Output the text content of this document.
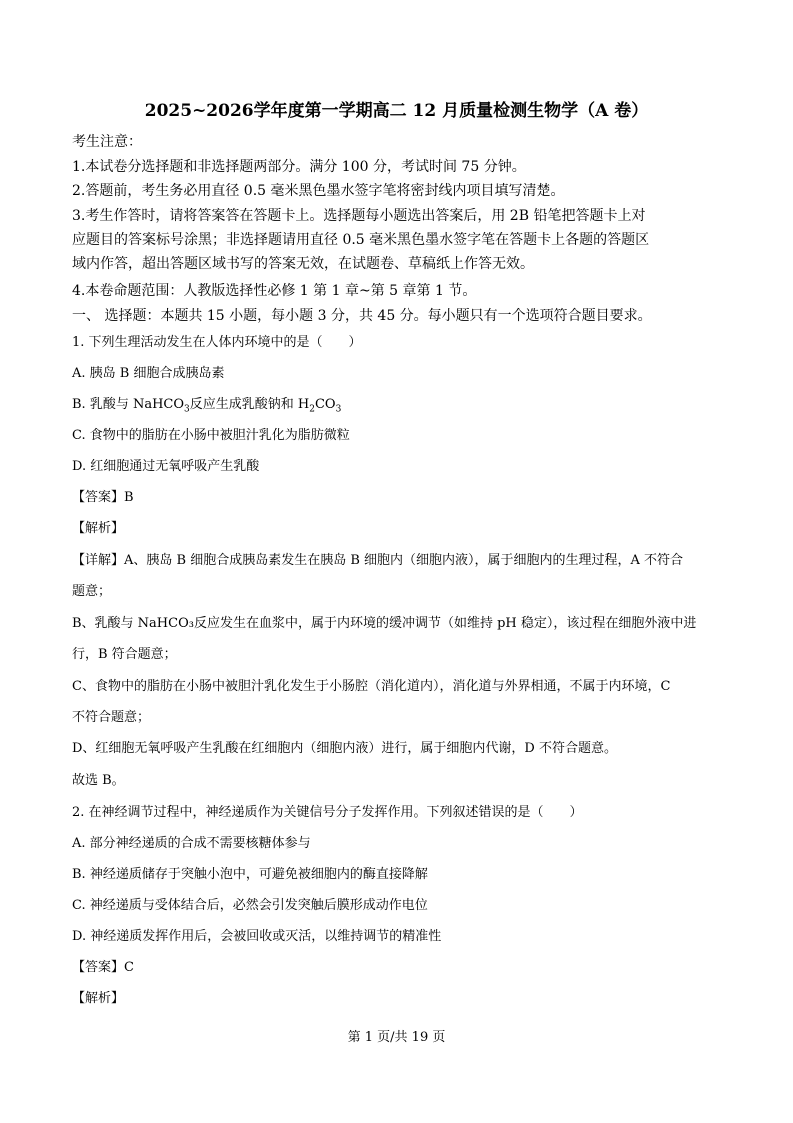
2025~2026学年度第一学期高二 12 月质量检测生物学（A 卷）
考生注意：
1.本试卷分选择题和非选择题两部分。满分 100 分，考试时间 75 分钟。
2.答题前，考生务必用直径 0.5 毫米黑色墨水签字笔将密封线内项目填写清楚。
3.考生作答时，请将答案答在答题卡上。选择题每小题选出答案后，用 2B 铅笔把答题卡上对
应题目的答案标号涂黑；非选择题请用直径 0.5 毫米黑色墨水签字笔在答题卡上各题的答题区
域内作答，超出答题区域书写的答案无效，在试题卷、草稿纸上作答无效。
4.本卷命题范围：人教版选择性必修 1 第 1 章~第 5 章第 1 节。
一、 选择题：本题共 15 小题，每小题 3 分，共 45 分。每小题只有一个选项符合题目要求。
1. 下列生理活动发生在人体内环境中的是（　　）
A. 胰岛 B 细胞合成胰岛素
B. 乳酸与 NaHCO$_3$反应生成乳酸钠和 $H_2CO_3$
C. 食物中的脂肪在小肠中被胆汁乳化为脂肪微粒
D. 红细胞通过无氧呼吸产生乳酸
【答案】B
【解析】
【详解】A、胰岛 B 细胞合成胰岛素发生在胰岛 B 细胞内（细胞内液），属于细胞内的生理过程，A 不符合
题意；
B、乳酸与 NaHCO₃反应发生在血浆中，属于内环境的缓冲调节（如维持 pH 稳定），该过程在细胞外液中进
行，B 符合题意；
C、食物中的脂肪在小肠中被胆汁乳化发生于小肠腔（消化道内），消化道与外界相通，不属于内环境，C
不符合题意；
D、红细胞无氧呼吸产生乳酸在红细胞内（细胞内液）进行，属于细胞内代谢，D 不符合题意。
故选 B。
2. 在神经调节过程中，神经递质作为关键信号分子发挥作用。下列叙述错误的是（　　）
A. 部分神经递质的合成不需要核糖体参与
B. 神经递质储存于突触小泡中，可避免被细胞内的酶直接降解
C. 神经递质与受体结合后，必然会引发突触后膜形成动作电位
D. 神经递质发挥作用后，会被回收或灭活，以维持调节的精准性
【答案】C
【解析】
第 1 页/共 19 页
